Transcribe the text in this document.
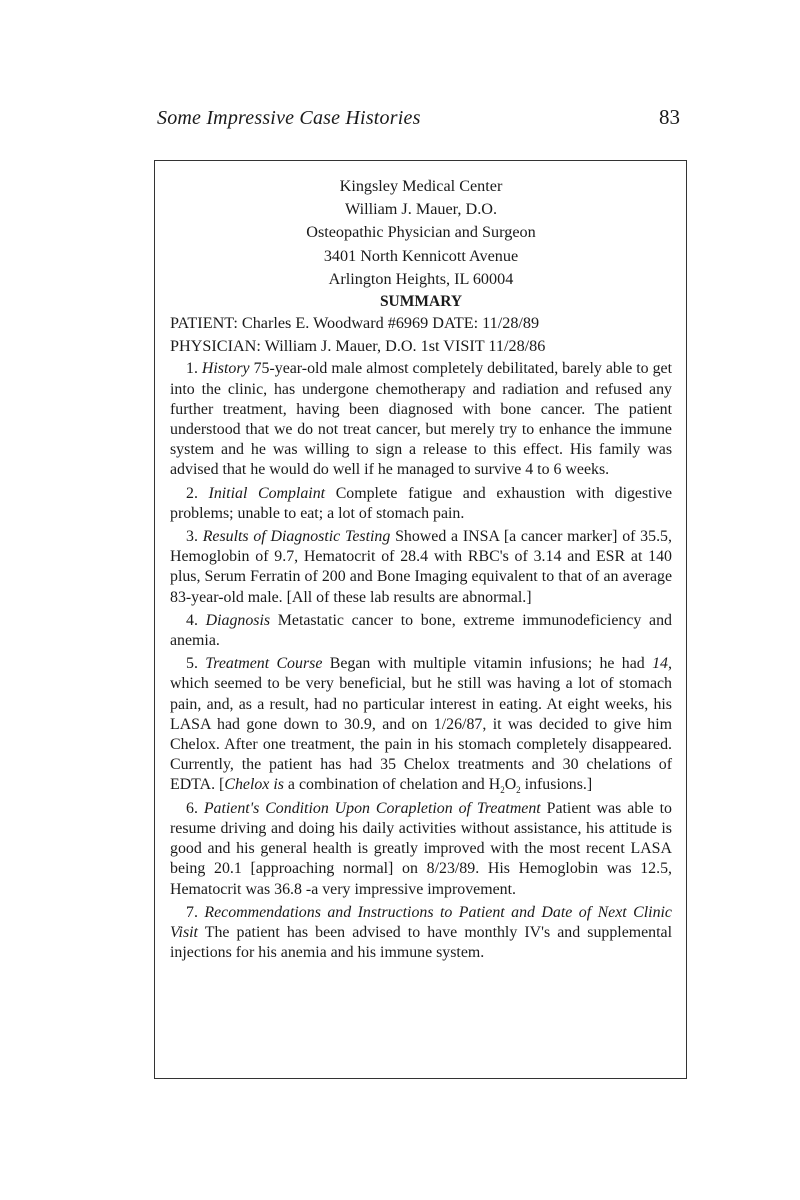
Some Impressive Case Histories	83
Kingsley Medical Center
William J. Mauer, D.O.
Osteopathic Physician and Surgeon
3401 North Kennicott Avenue
Arlington Heights, IL 60004
SUMMARY
PATIENT: Charles E. Woodward #6969 DATE: 11/28/89
PHYSICIAN: William J. Mauer, D.O. 1st VISIT 11/28/86

1. History 75-year-old male almost completely debilitated, barely able to get into the clinic, has undergone chemotherapy and radiation and refused any further treatment, having been diagnosed with bone cancer. The patient understood that we do not treat cancer, but merely try to enhance the immune system and he was willing to sign a release to this effect. His family was advised that he would do well if he managed to survive 4 to 6 weeks.

2. Initial Complaint Complete fatigue and exhaustion with digestive problems; unable to eat; a lot of stomach pain.

3. Results of Diagnostic Testing Showed a INSA [a cancer marker] of 35.5, Hemoglobin of 9.7, Hematocrit of 28.4 with RBC's of 3.14 and ESR at 140 plus, Serum Ferratin of 200 and Bone Imaging equivalent to that of an average 83-year-old male. [All of these lab results are abnormal.]

4. Diagnosis Metastatic cancer to bone, extreme immunodeficiency and anemia.

5. Treatment Course Began with multiple vitamin infusions; he had 14, which seemed to be very beneficial, but he still was having a lot of stomach pain, and, as a result, had no particular interest in eating. At eight weeks, his LASA had gone down to 30.9, and on 1/26/87, it was decided to give him Chelox. After one treatment, the pain in his stomach completely disappeared. Currently, the patient has had 35 Chelox treatments and 30 chelations of EDTA. [Chelox is a combination of chelation and $H_2O_2$ infusions.]

6. Patient's Condition Upon Corapletion of Treatment Patient was able to resume driving and doing his daily activities without assistance, his attitude is good and his general health is greatly improved with the most recent LASA being 20.1 [approaching normal] on 8/23/89. His Hemoglobin was 12.5, Hematocrit was 36.8 -a very impressive improvement.

7. Recommendations and Instructions to Patient and Date of Next Clinic Visit The patient has been advised to have monthly IV's and supplemental injections for his anemia and his immune system.
